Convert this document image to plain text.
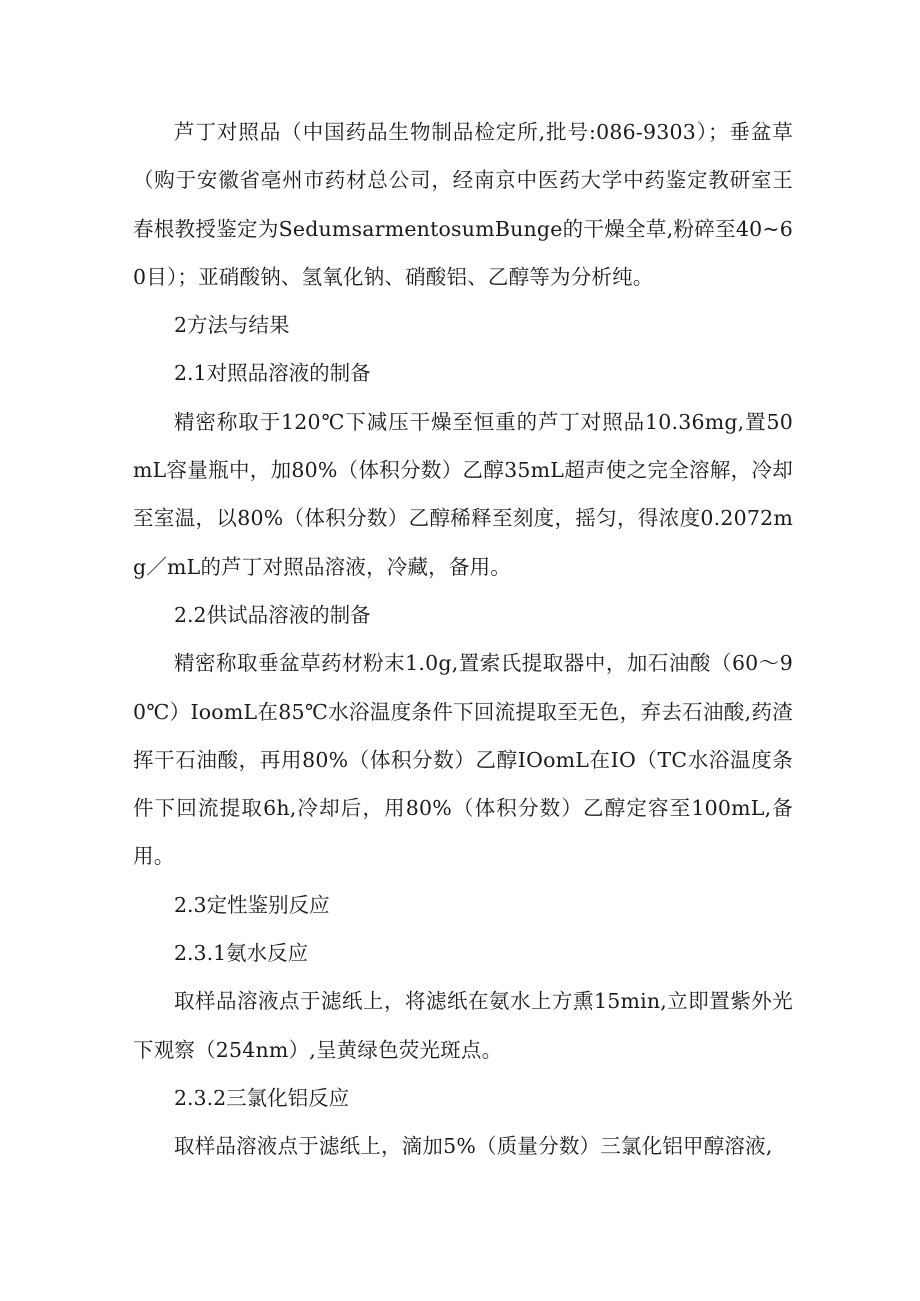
芦丁对照品（中国药品生物制品检定所,批号:086-9303）；垂盆草（购于安徽省亳州市药材总公司，经南京中医药大学中药鉴定教研室王春根教授鉴定为SedumsarmentosumBunge的干燥全草,粉碎至40~60目）；亚硝酸钠、氢氧化钠、硝酸铝、乙醇等为分析纯。

2方法与结果

2.1对照品溶液的制备

精密称取于120℃下减压干燥至恒重的芦丁对照品10.36mg,置50mL容量瓶中，加80%（体积分数）乙醇35mL超声使之完全溶解，冷却至室温，以80%（体积分数）乙醇稀释至刻度，摇匀，得浓度0.2072mg／mL的芦丁对照品溶液，冷藏，备用。

2.2供试品溶液的制备

精密称取垂盆草药材粉末1.0g,置索氏提取器中，加石油酸（60～90℃）IoomL在85℃水浴温度条件下回流提取至无色，弃去石油酸,药渣挥干石油酸，再用80%（体积分数）乙醇IOomL在IO（TC水浴温度条件下回流提取6h,冷却后，用80%（体积分数）乙醇定容至100mL,备用。

2.3定性鉴别反应

2.3.1氨水反应

取样品溶液点于滤纸上，将滤纸在氨水上方熏15min,立即置紫外光下观察（254nm）,呈黄绿色荧光斑点。

2.3.2三氯化铝反应

取样品溶液点于滤纸上，滴加5%（质量分数）三氯化铝甲醇溶液,
